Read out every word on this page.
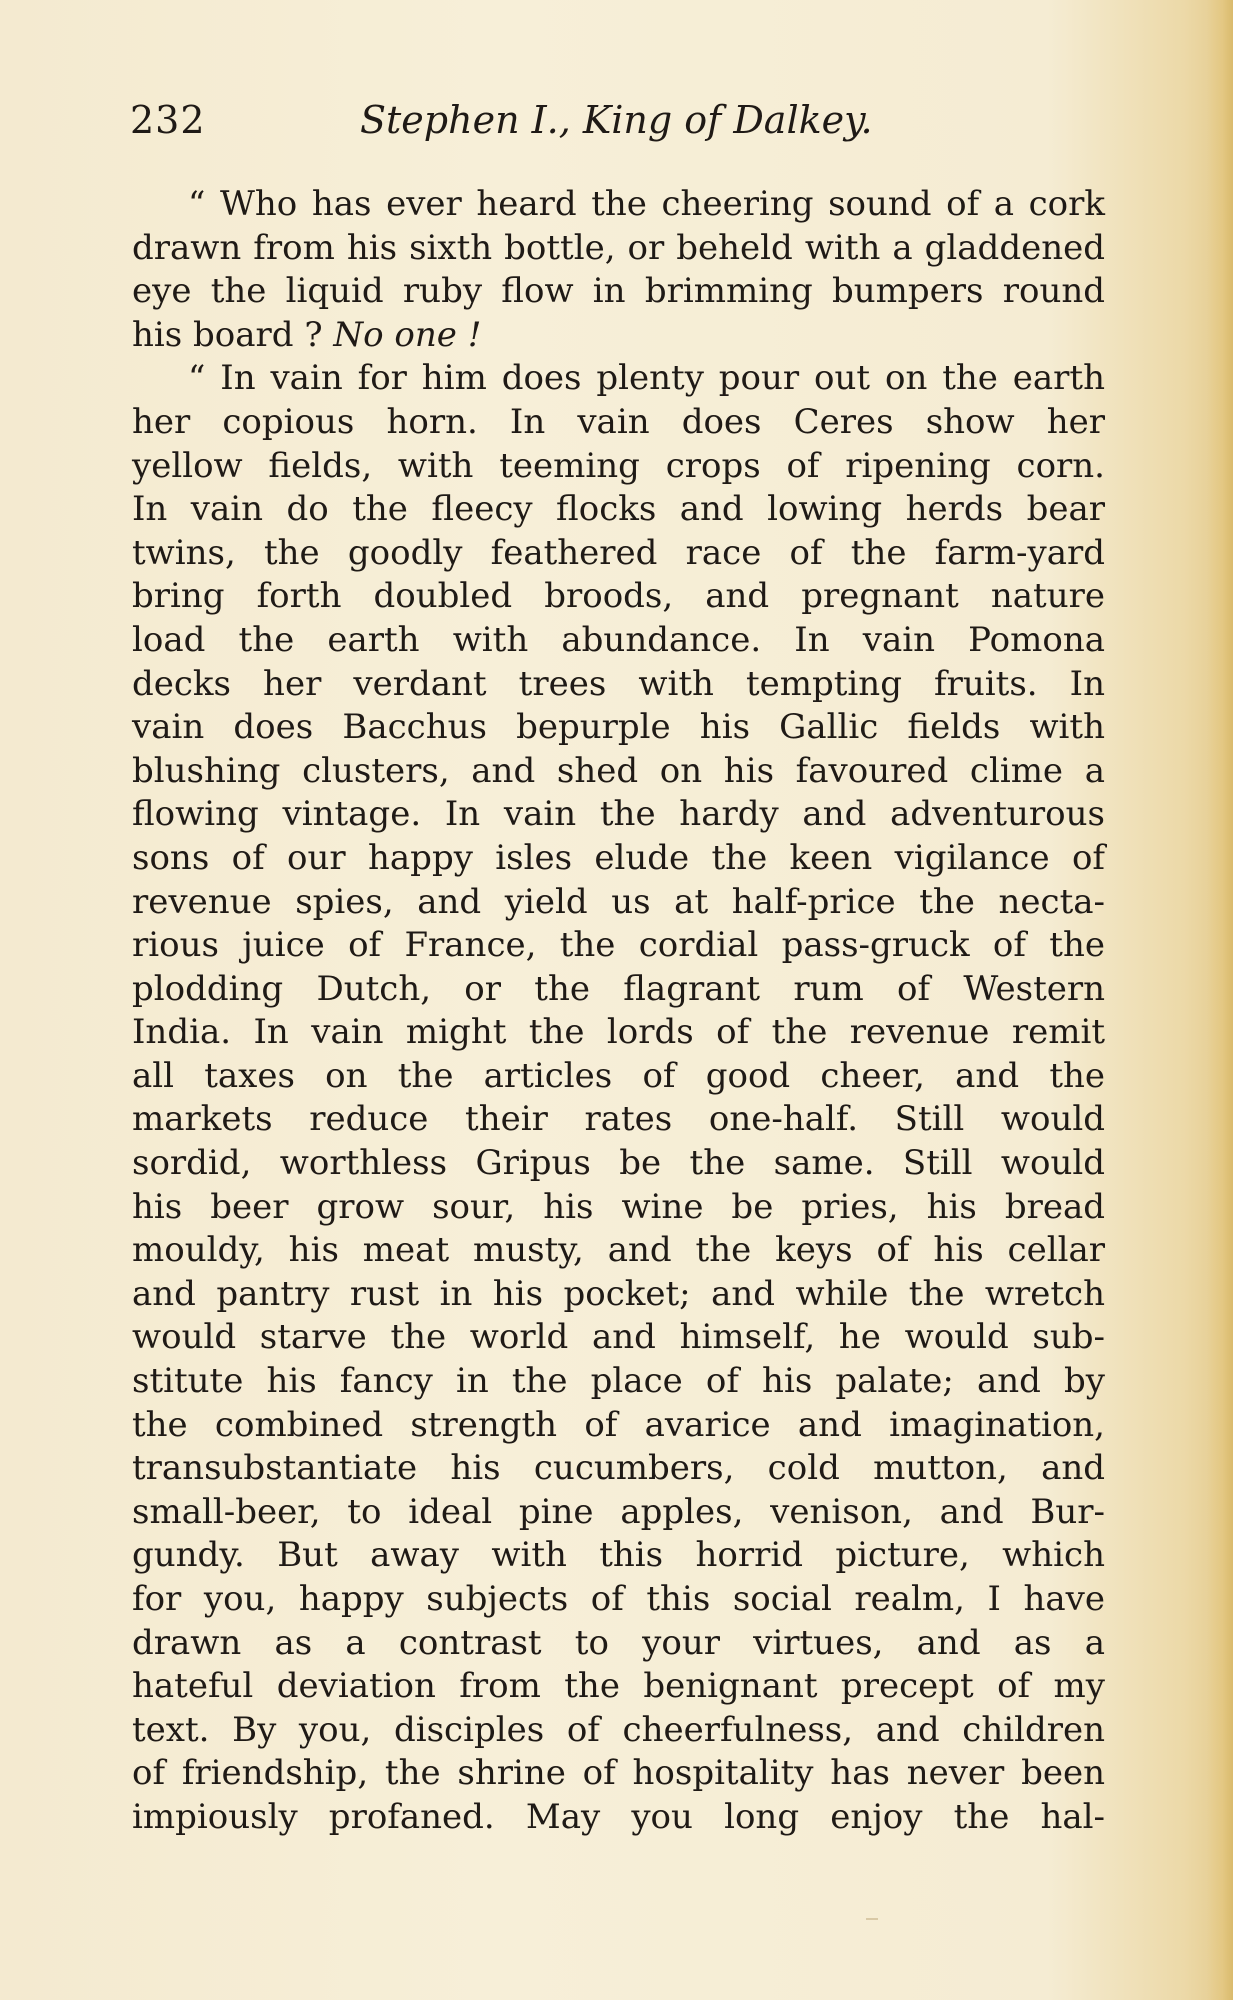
232	Stephen I., King of Dalkey.
“ Who has ever heard the cheering sound of a cork
drawn from his sixth bottle, or beheld with a gladdened
eye the liquid ruby flow in brimming bumpers round
his board ? No one !
“ In vain for him does plenty pour out on the earth
her copious horn. In vain does Ceres show her
yellow fields, with teeming crops of ripening corn.
In vain do the fleecy flocks and lowing herds bear
twins, the goodly feathered race of the farm-yard
bring forth doubled broods, and pregnant nature
load the earth with abundance. In vain Pomona
decks her verdant trees with tempting fruits. In
vain does Bacchus bepurple his Gallic fields with
blushing clusters, and shed on his favoured clime a
flowing vintage. In vain the hardy and adventurous
sons of our happy isles elude the keen vigilance of
revenue spies, and yield us at half-price the necta-
rious juice of France, the cordial pass-gruck of the
plodding Dutch, or the flagrant rum of Western
India. In vain might the lords of the revenue remit
all taxes on the articles of good cheer, and the
markets reduce their rates one-half. Still would
sordid, worthless Gripus be the same. Still would
his beer grow sour, his wine be pries, his bread
mouldy, his meat musty, and the keys of his cellar
and pantry rust in his pocket; and while the wretch
would starve the world and himself, he would sub-
stitute his fancy in the place of his palate; and by
the combined strength of avarice and imagination,
transubstantiate his cucumbers, cold mutton, and
small-beer, to ideal pine apples, venison, and Bur-
gundy. But away with this horrid picture, which
for you, happy subjects of this social realm, I have
drawn as a contrast to your virtues, and as a
hateful deviation from the benignant precept of my
text. By you, disciples of cheerfulness, and children
of friendship, the shrine of hospitality has never been
impiously profaned. May you long enjoy the hal-
